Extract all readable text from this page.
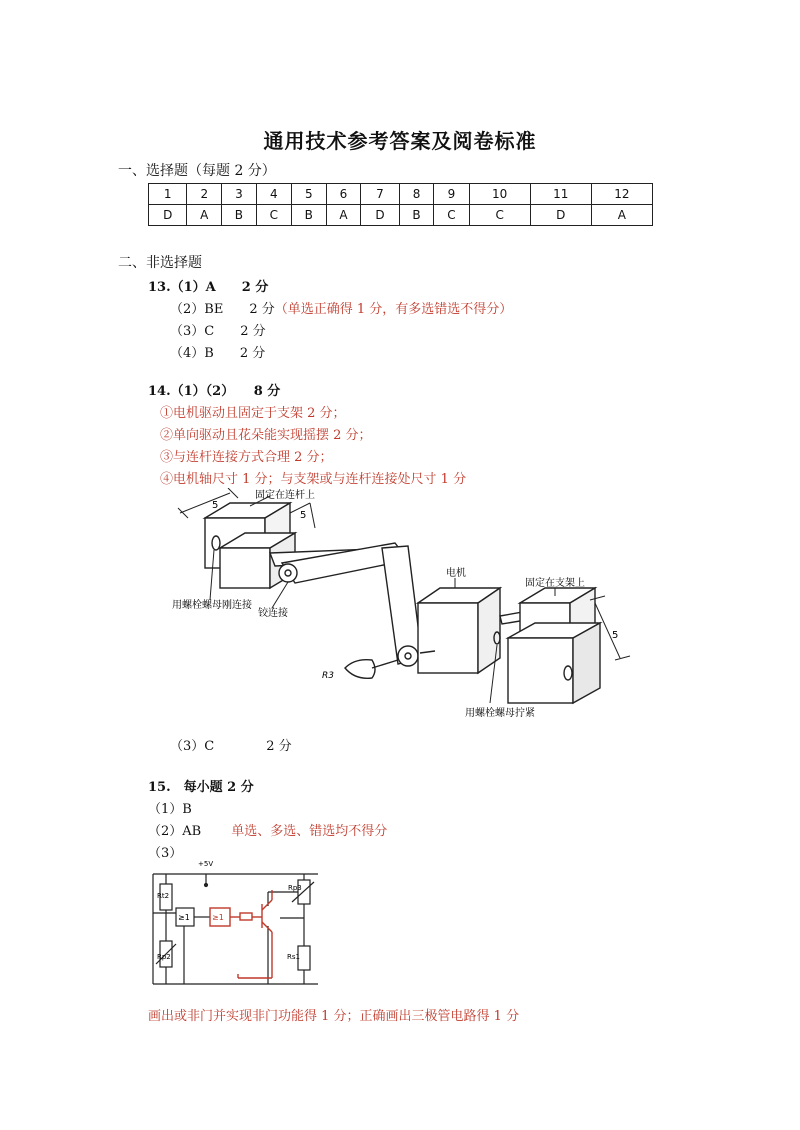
通用技术参考答案及阅卷标准
一、选择题（每题 2 分）
1	2	3	4	5	6	7	8	9	10	11	12
D	A	B	C	B	A	D	B	C	C	D	A
二、非选择题
13.（1）A　　2 分
（2）BE　　2 分（单选正确得 1 分，有多选错选不得分）
（3）C　　2 分
（4）B　　2 分
14.（1）（2）　　8 分
①电机驱动且固定于支架 2 分；
②单向驱动且花朵能实现摇摆 2 分；
③与连杆连接方式合理 2 分；
④电机轴尺寸 1 分；与支架或与连杆连接处尺寸 1 分
5
5
5
固定在连杆上
用螺栓螺母刚连接
铰连接
电机
固定在支架上
用螺栓螺母拧紧
R3
（3）C　　　　2 分
15.　每小题 2 分
（1）B
（2）AB 单选、多选、错选均不得分
（3）
+5V
Rt2
≥1	≥1
Rp2
Rp3
Rs1
画出或非门并实现非门功能得 1 分；正确画出三极管电路得 1 分
